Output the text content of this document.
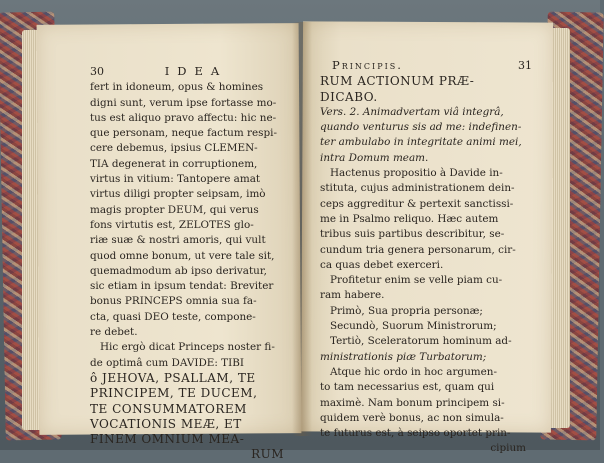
30	IDEA
fert in idoneum, opus & homines
digni sunt, verum ipse fortasse mo-
tus est aliquo pravo affectu: hic ne-
que personam, neque factum respi-
cere debemus, ipsius CLEMEN-
TIA degenerat in corruptionem,
virtus in vitium: Tantopere amat
virtus diligi propter seipsam, imò
magis propter DEUM, qui verus
fons virtutis est, ZELOTES glo-
riæ suæ & nostri amoris, qui vult
quod omne bonum, ut vere tale sit,
quemadmodum ab ipso derivatur,
sic etiam in ipsum tendat: Breviter
bonus PRINCEPS omnia sua fa-
cta, quasi DEO teste, compone-
re debet.
Hic ergò dicat Princeps noster fi-
de optimâ cum DAVIDE: TIBI
ô JEHOVA, PSALLAM, TE
PRINCIPEM, TE DUCEM,
TE CONSUMMATOREM
VOCATIONIS MEÆ, ET
FINEM OMNIUM MEA-
RUM
Principis.	31
RUM ACTIONUM PRÆ-
DICABO.
Vers. 2. Animadvertam viâ integrâ,
quando venturus sis ad me: indefinen-
ter ambulabo in integritate animi mei,
intra Domum meam.
Hactenus propositio à Davide in-
stituta, cujus administrationem dein-
ceps aggreditur & pertexit sanctissi-
me in Psalmo reliquo. Hæc autem
tribus suis partibus describitur, se-
cundum tria genera personarum, cir-
ca quas debet exerceri.
Profitetur enim se velle piam cu-
ram habere.
Primò, Sua propria personæ;
Secundò, Suorum Ministrorum;
Tertiò, Sceleratorum hominum ad-
ministrationis piæ Turbatorum;
Atque hic ordo in hoc argumen-
to tam necessarius est, quam qui
maximè. Nam bonum principem si-
quidem verè bonus, ac non simula-
te futurus est, à seipso oportet prin-
cipium
